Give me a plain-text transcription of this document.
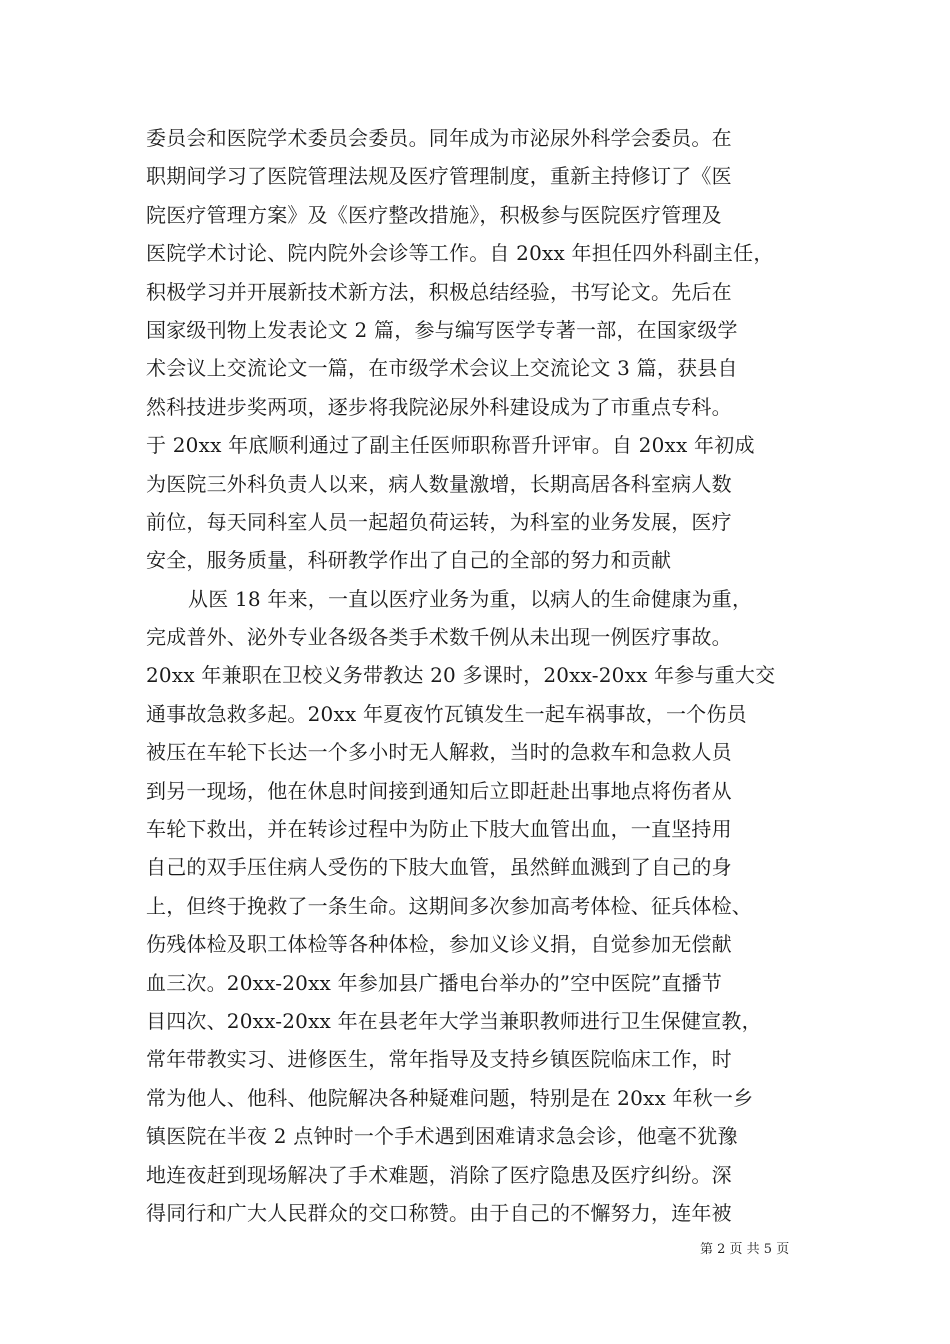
委员会和医院学术委员会委员。同年成为市泌尿外科学会委员。在
职期间学习了医院管理法规及医疗管理制度，重新主持修订了《医
院医疗管理方案》及《医疗整改措施》，积极参与医院医疗管理及
医院学术讨论、院内院外会诊等工作。自 20xx 年担任四外科副主任，
积极学习并开展新技术新方法，积极总结经验，书写论文。先后在
国家级刊物上发表论文 2 篇，参与编写医学专著一部，在国家级学
术会议上交流论文一篇，在市级学术会议上交流论文 3 篇，获县自
然科技进步奖两项，逐步将我院泌尿外科建设成为了市重点专科。
于 20xx 年底顺利通过了副主任医师职称晋升评审。自 20xx 年初成
为医院三外科负责人以来，病人数量激增，长期高居各科室病人数
前位，每天同科室人员一起超负荷运转，为科室的业务发展，医疗
安全，服务质量，科研教学作出了自己的全部的努力和贡献
从医 18 年来，一直以医疗业务为重，以病人的生命健康为重，
完成普外、泌外专业各级各类手术数千例从未出现一例医疗事故。
20xx 年兼职在卫校义务带教达 20 多课时，20xx-20xx 年参与重大交
通事故急救多起。20xx 年夏夜竹瓦镇发生一起车祸事故，一个伤员
被压在车轮下长达一个多小时无人解救，当时的急救车和急救人员
到另一现场，他在休息时间接到通知后立即赶赴出事地点将伤者从
车轮下救出，并在转诊过程中为防止下肢大血管出血，一直坚持用
自己的双手压住病人受伤的下肢大血管，虽然鲜血溅到了自己的身
上，但终于挽救了一条生命。这期间多次参加高考体检、征兵体检、
伤残体检及职工体检等各种体检，参加义诊义捐，自觉参加无偿献
血三次。20xx-20xx 年参加县广播电台举办的”空中医院”直播节
目四次、20xx-20xx 年在县老年大学当兼职教师进行卫生保健宣教，
常年带教实习、进修医生，常年指导及支持乡镇医院临床工作，时
常为他人、他科、他院解决各种疑难问题，特别是在 20xx 年秋一乡
镇医院在半夜 2 点钟时一个手术遇到困难请求急会诊，他毫不犹豫
地连夜赶到现场解决了手术难题，消除了医疗隐患及医疗纠纷。深
得同行和广大人民群众的交口称赞。由于自己的不懈努力，连年被
第 2 页 共 5 页
